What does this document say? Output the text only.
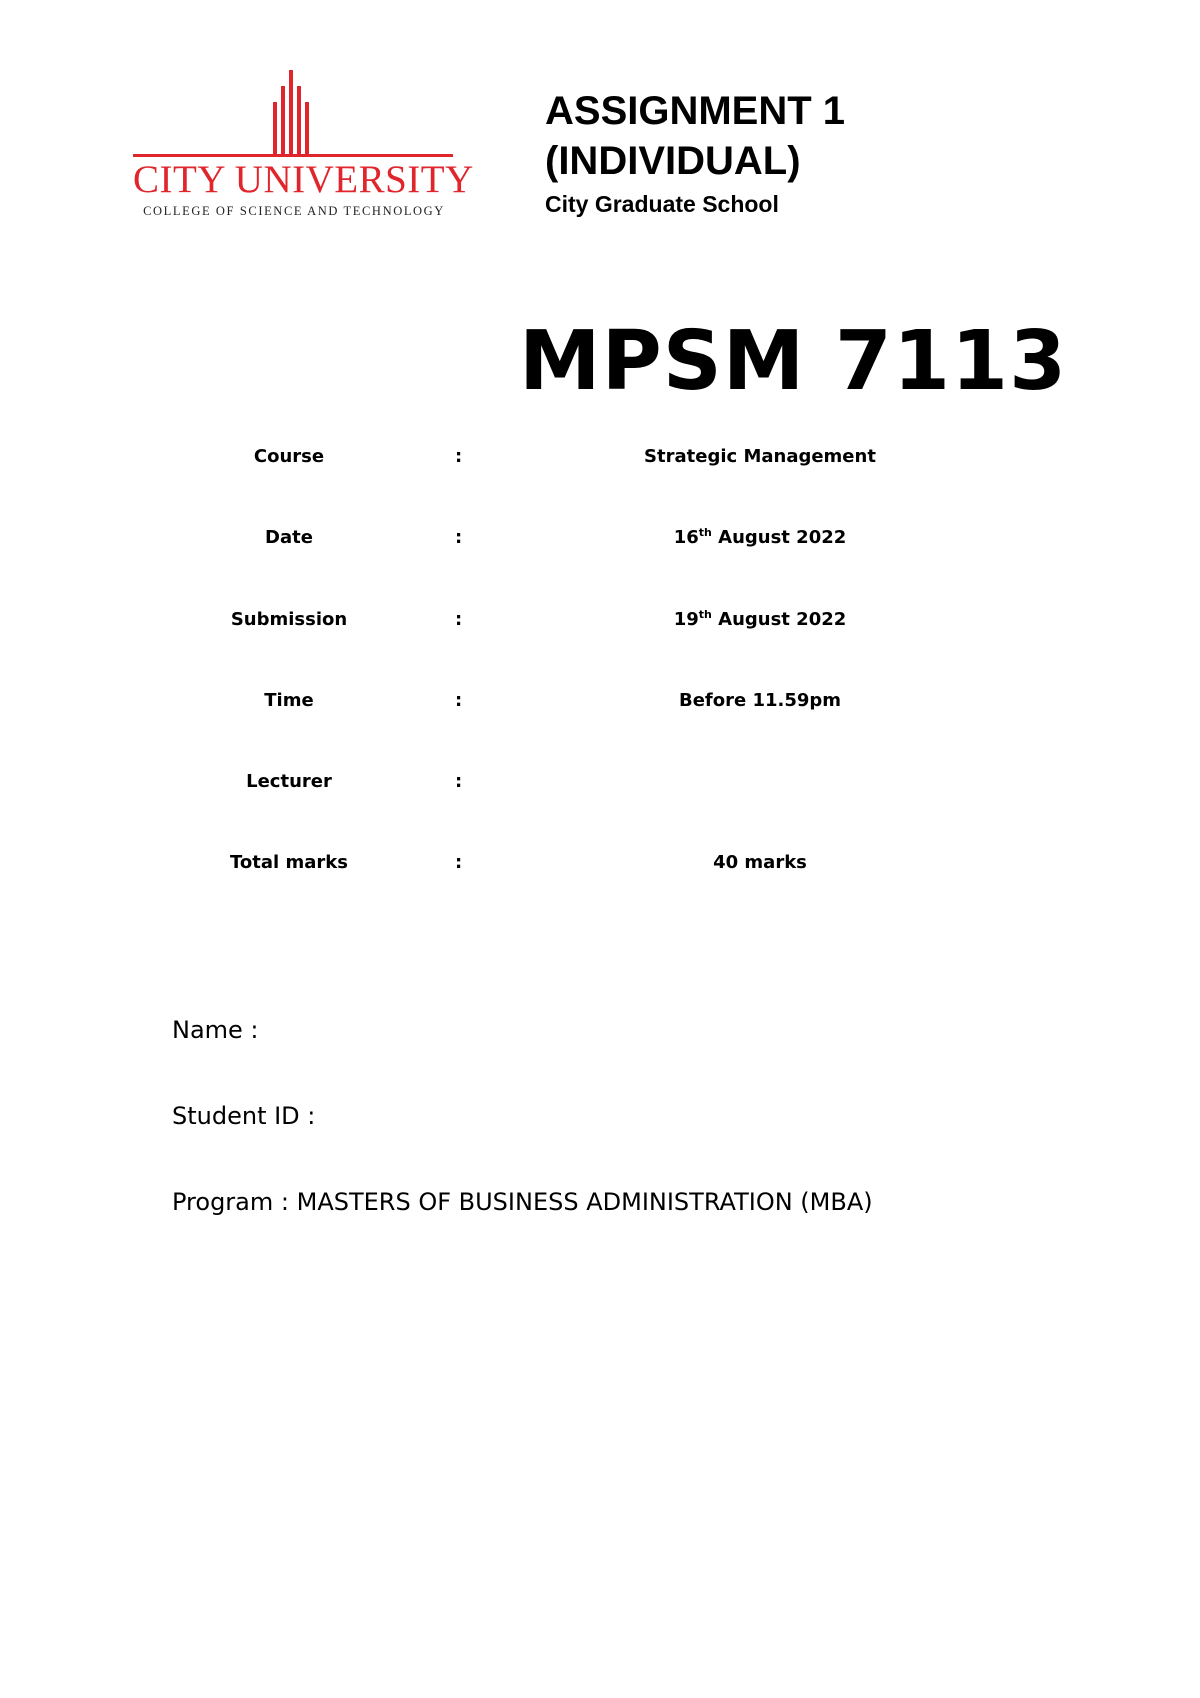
CITY UNIVERSITY
COLLEGE OF SCIENCE AND TECHNOLOGY
ASSIGNMENT 1
(INDIVIDUAL)
City Graduate School
MPSM 7113
Course	:	Strategic Management
Date	:	16th August 2022
Submission	:	19th August 2022
Time	:	Before 11.59pm
Lecturer	:
Total marks	:	40 marks
Name :
Student ID :
Program : MASTERS OF BUSINESS ADMINISTRATION (MBA)
